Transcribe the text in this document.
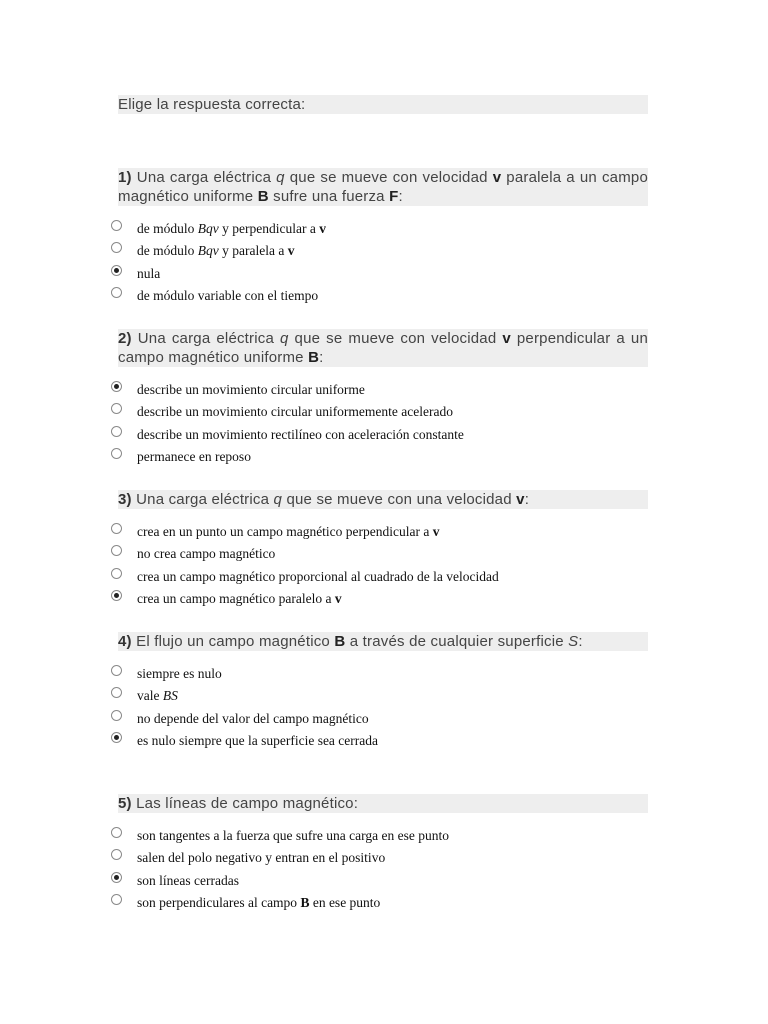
Elige la respuesta correcta:
1) Una carga eléctrica q que se mueve con velocidad v paralela a un campo magnético uniforme B sufre una fuerza F:
de módulo Bqv y perpendicular a v
de módulo Bqv y paralela a v
nula
de módulo variable con el tiempo
2) Una carga eléctrica q que se mueve con velocidad v perpendicular a un campo magnético uniforme B:
describe un movimiento circular uniforme
describe un movimiento circular uniformemente acelerado
describe un movimiento rectilíneo con aceleración constante
permanece en reposo
3) Una carga eléctrica q que se mueve con una velocidad v:
crea en un punto un campo magnético perpendicular a v
no crea campo magnético
crea un campo magnético proporcional al cuadrado de la velocidad
crea un campo magnético paralelo a v
4) El flujo un campo magnético B a través de cualquier superficie S:
siempre es nulo
vale BS
no depende del valor del campo magnético
es nulo siempre que la superficie sea cerrada
5) Las líneas de campo magnético:
son tangentes a la fuerza que sufre una carga en ese punto
salen del polo negativo y entran en el positivo
son líneas cerradas
son perpendiculares al campo B en ese punto
